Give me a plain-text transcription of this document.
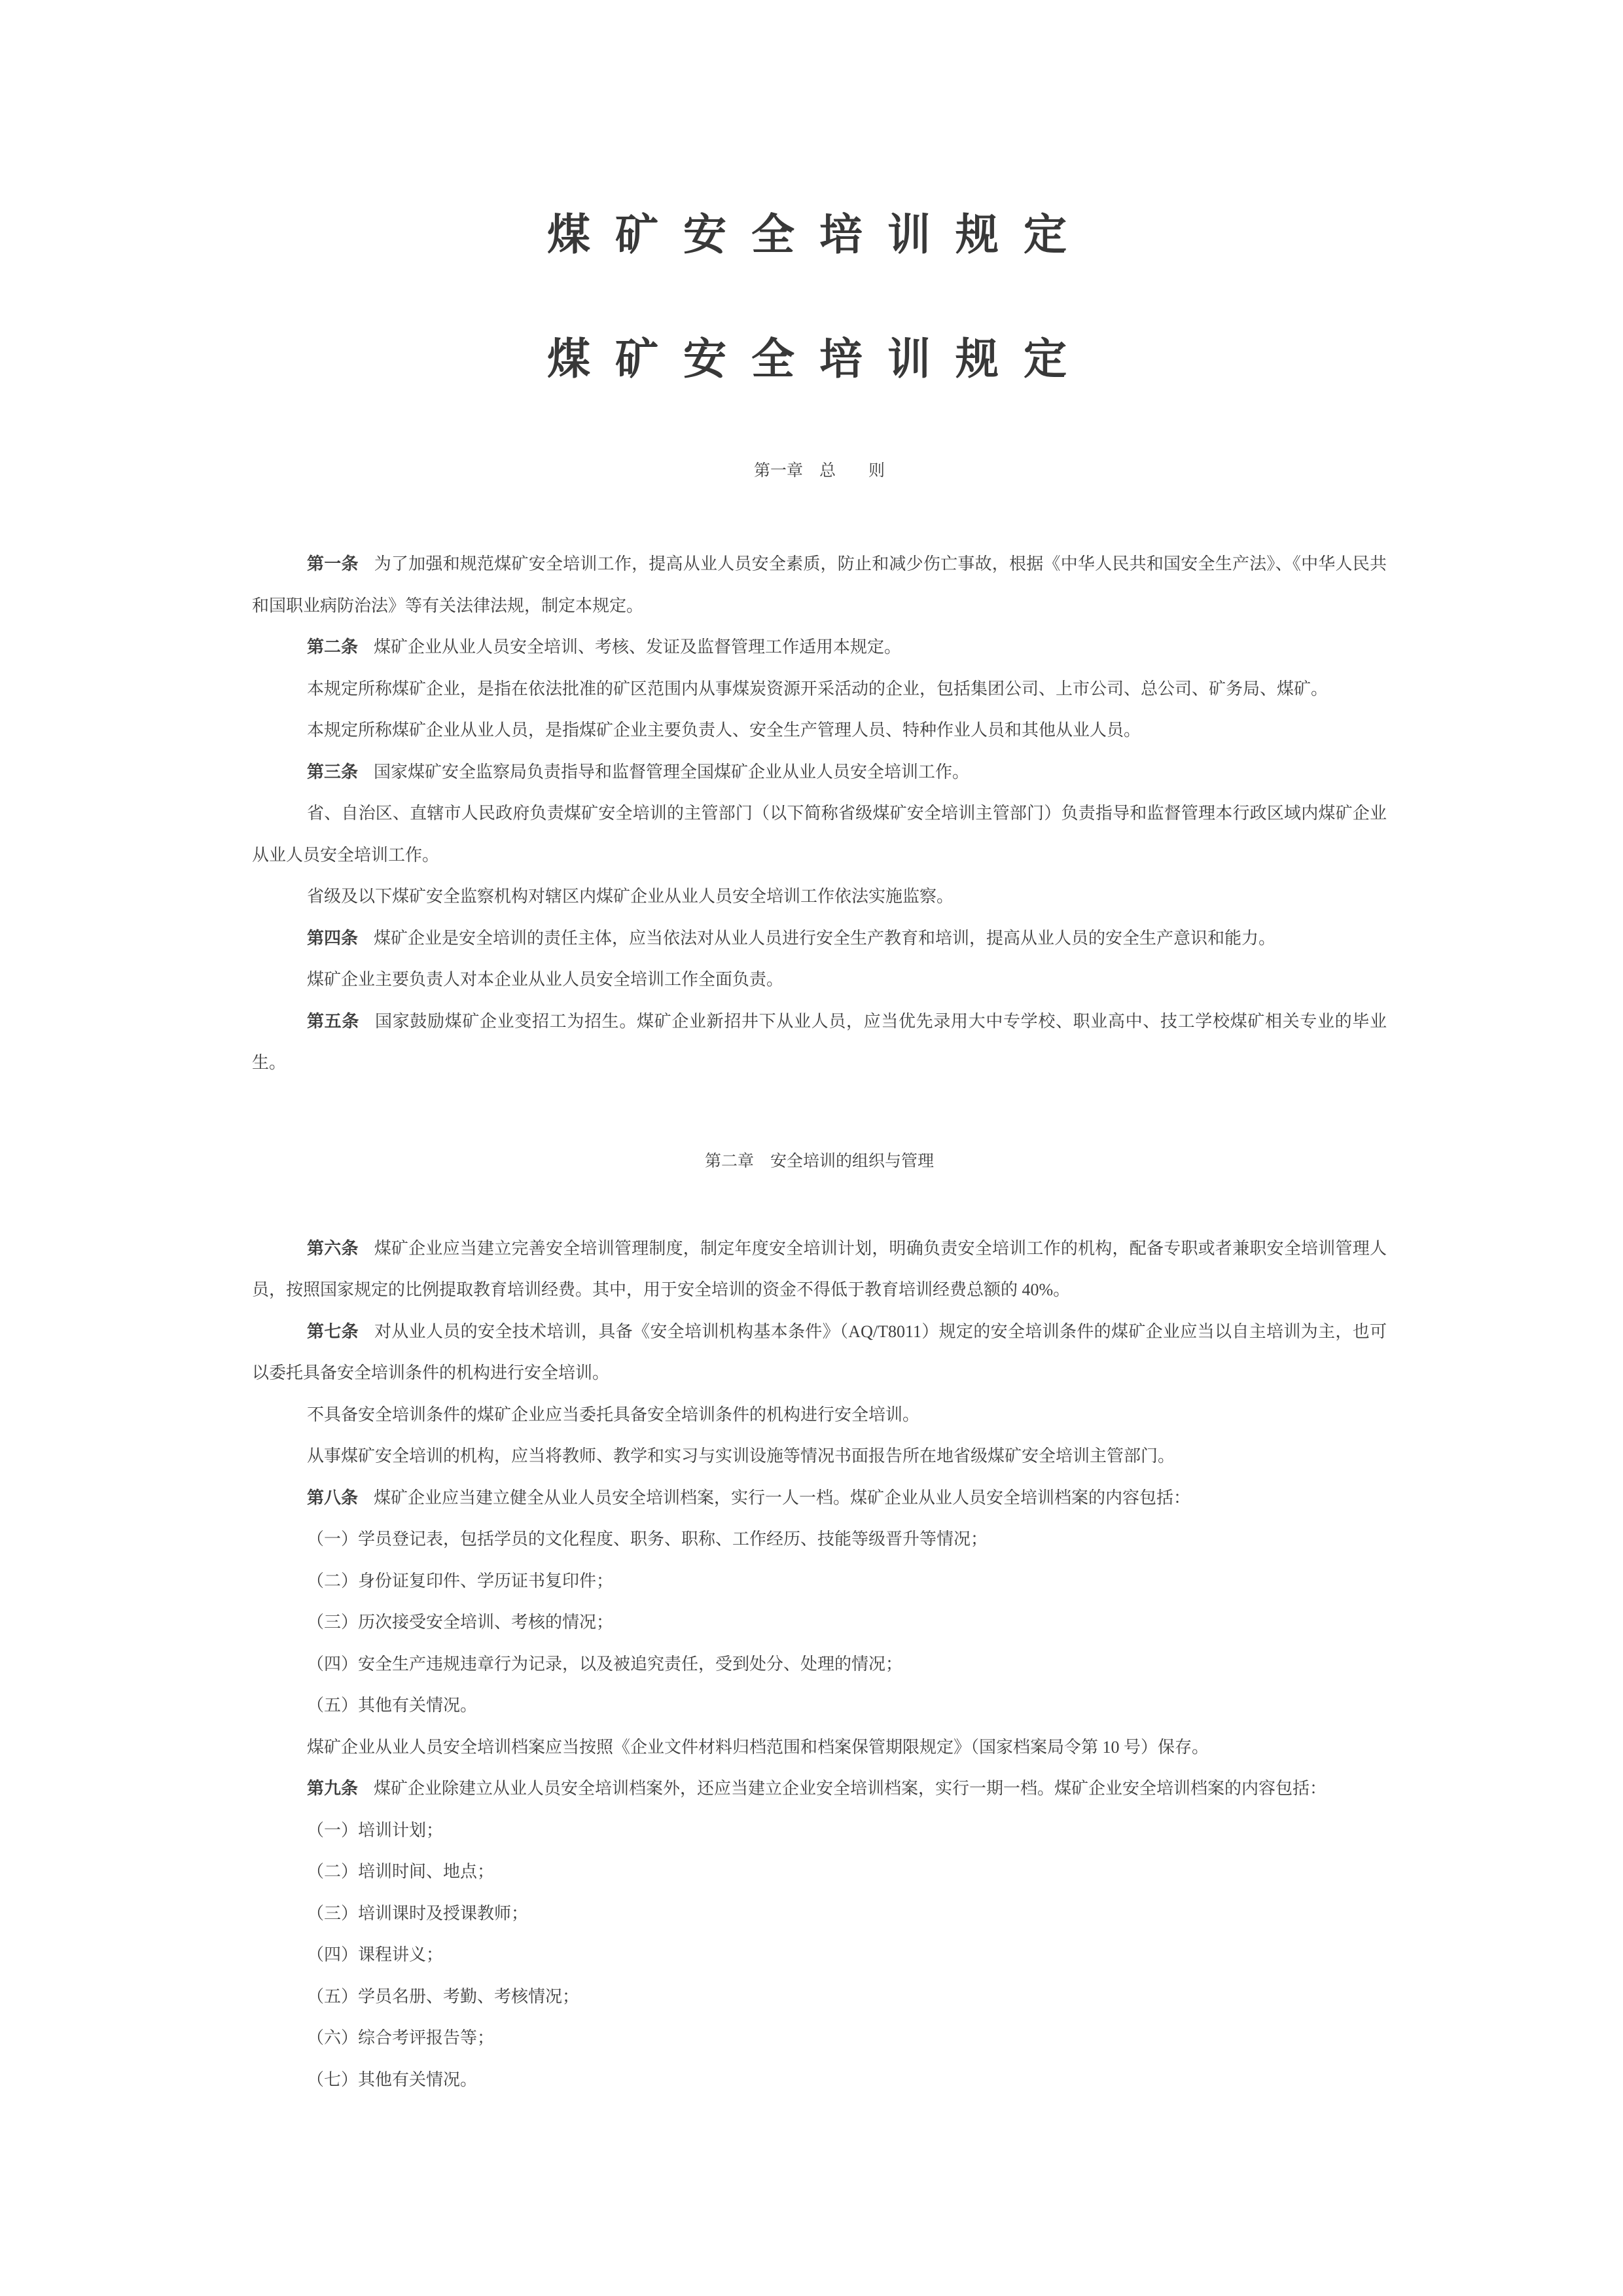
煤矿安全培训规定
煤矿安全培训规定
第一章　总　　则

第一条 为了加强和规范煤矿安全培训工作，提高从业人员安全素质，防止和减少伤亡事故，根据《中华人民共和国安全生产法》、《中华人民共和国职业病防治法》等有关法律法规，制定本规定。

第二条 煤矿企业从业人员安全培训、考核、发证及监督管理工作适用本规定。

本规定所称煤矿企业，是指在依法批准的矿区范围内从事煤炭资源开采活动的企业，包括集团公司、上市公司、总公司、矿务局、煤矿。

本规定所称煤矿企业从业人员，是指煤矿企业主要负责人、安全生产管理人员、特种作业人员和其他从业人员。

第三条 国家煤矿安全监察局负责指导和监督管理全国煤矿企业从业人员安全培训工作。

省、自治区、直辖市人民政府负责煤矿安全培训的主管部门（以下简称省级煤矿安全培训主管部门）负责指导和监督管理本行政区域内煤矿企业从业人员安全培训工作。

省级及以下煤矿安全监察机构对辖区内煤矿企业从业人员安全培训工作依法实施监察。

第四条 煤矿企业是安全培训的责任主体，应当依法对从业人员进行安全生产教育和培训，提高从业人员的安全生产意识和能力。

煤矿企业主要负责人对本企业从业人员安全培训工作全面负责。

第五条 国家鼓励煤矿企业变招工为招生。煤矿企业新招井下从业人员，应当优先录用大中专学校、职业高中、技工学校煤矿相关专业的毕业生。

第二章　安全培训的组织与管理

第六条 煤矿企业应当建立完善安全培训管理制度，制定年度安全培训计划，明确负责安全培训工作的机构，配备专职或者兼职安全培训管理人员，按照国家规定的比例提取教育培训经费。其中，用于安全培训的资金不得低于教育培训经费总额的 40%。

第七条 对从业人员的安全技术培训，具备《安全培训机构基本条件》（AQ/T8011）规定的安全培训条件的煤矿企业应当以自主培训为主，也可以委托具备安全培训条件的机构进行安全培训。

不具备安全培训条件的煤矿企业应当委托具备安全培训条件的机构进行安全培训。

从事煤矿安全培训的机构，应当将教师、教学和实习与实训设施等情况书面报告所在地省级煤矿安全培训主管部门。

第八条 煤矿企业应当建立健全从业人员安全培训档案，实行一人一档。煤矿企业从业人员安全培训档案的内容包括：

（一）学员登记表，包括学员的文化程度、职务、职称、工作经历、技能等级晋升等情况；

（二）身份证复印件、学历证书复印件；

（三）历次接受安全培训、考核的情况；

（四）安全生产违规违章行为记录，以及被追究责任，受到处分、处理的情况；

（五）其他有关情况。

煤矿企业从业人员安全培训档案应当按照《企业文件材料归档范围和档案保管期限规定》（国家档案局令第 10 号）保存。

第九条 煤矿企业除建立从业人员安全培训档案外，还应当建立企业安全培训档案，实行一期一档。煤矿企业安全培训档案的内容包括：

（一）培训计划；

（二）培训时间、地点；

（三）培训课时及授课教师；

（四）课程讲义；

（五）学员名册、考勤、考核情况；

（六）综合考评报告等；

（七）其他有关情况。
